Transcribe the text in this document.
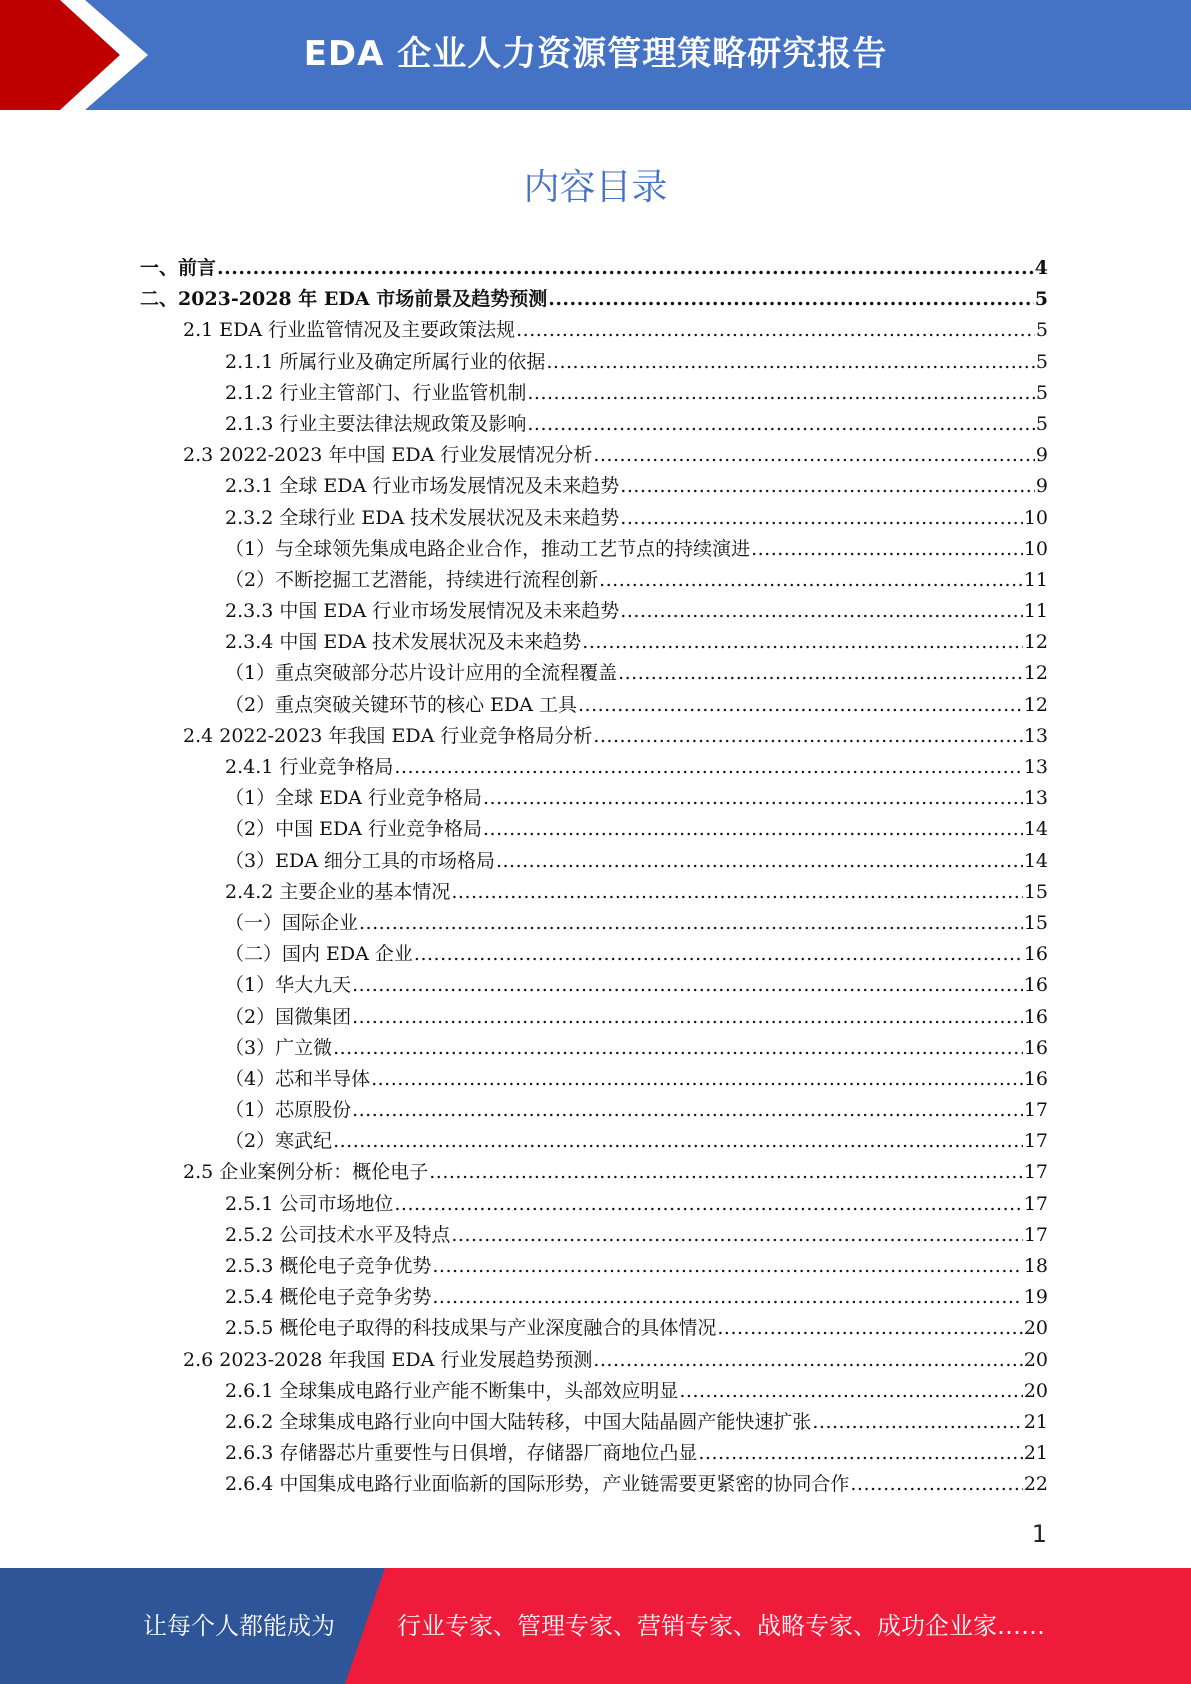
EDA 企业人力资源管理策略研究报告
内容目录
一、前言 .....	4
二、2023-2028 年 EDA 市场前景及趋势预测 .....	5
2.1 EDA 行业监管情况及主要政策法规 .....	5
2.1.1 所属行业及确定所属行业的依据 .....	5
2.1.2 行业主管部门、行业监管机制 .....	5
2.1.3 行业主要法律法规政策及影响 .....	5
2.3 2022-2023 年中国 EDA 行业发展情况分析 .....	9
2.3.1 全球 EDA 行业市场发展情况及未来趋势 .....	9
2.3.2 全球行业 EDA 技术发展状况及未来趋势 .....	10
（1）与全球领先集成电路企业合作，推动工艺节点的持续演进 .....	10
（2）不断挖掘工艺潜能，持续进行流程创新 .....	11
2.3.3 中国 EDA 行业市场发展情况及未来趋势 .....	11
2.3.4 中国 EDA 技术发展状况及未来趋势 .....	12
（1）重点突破部分芯片设计应用的全流程覆盖 .....	12
（2）重点突破关键环节的核心 EDA 工具 .....	12
2.4 2022-2023 年我国 EDA 行业竞争格局分析 .....	13
2.4.1 行业竞争格局 .....	13
（1）全球 EDA 行业竞争格局 .....	13
（2）中国 EDA 行业竞争格局 .....	14
（3）EDA 细分工具的市场格局 .....	14
2.4.2 主要企业的基本情况 .....	15
（一）国际企业 .....	15
（二）国内 EDA 企业 .....	16
（1）华大九天 .....	16
（2）国微集团 .....	16
（3）广立微 .....	16
（4）芯和半导体 .....	16
（1）芯原股份 .....	17
（2）寒武纪 .....	17
2.5 企业案例分析：概伦电子 .....	17
2.5.1 公司市场地位 .....	17
2.5.2 公司技术水平及特点 .....	17
2.5.3 概伦电子竞争优势 .....	18
2.5.4 概伦电子竞争劣势 .....	19
2.5.5 概伦电子取得的科技成果与产业深度融合的具体情况 .....	20
2.6 2023-2028 年我国 EDA 行业发展趋势预测 .....	20
2.6.1 全球集成电路行业产能不断集中，头部效应明显 .....	20
2.6.2 全球集成电路行业向中国大陆转移，中国大陆晶圆产能快速扩张 .....	21
2.6.3 存储器芯片重要性与日俱增，存储器厂商地位凸显 .....	21
2.6.4 中国集成电路行业面临新的国际形势，产业链需要更紧密的协同合作 .....	22
1
让每个人都能成为	行业专家、管理专家、营销专家、战略专家、成功企业家……
